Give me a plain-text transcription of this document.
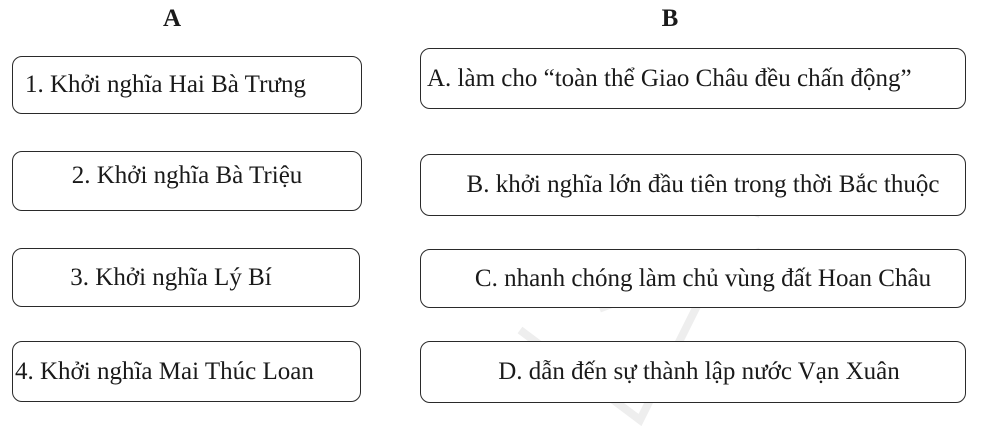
A	B
1. Khởi nghĩa Hai Bà Trưng
2. Khởi nghĩa Bà Triệu
3. Khởi nghĩa Lý Bí
4. Khởi nghĩa Mai Thúc Loan
A. làm cho “toàn thể Giao Châu đều chấn động”
B. khởi nghĩa lớn đầu tiên trong thời Bắc thuộc
C. nhanh chóng làm chủ vùng đất Hoan Châu
D. dẫn đến sự thành lập nước Vạn Xuân
